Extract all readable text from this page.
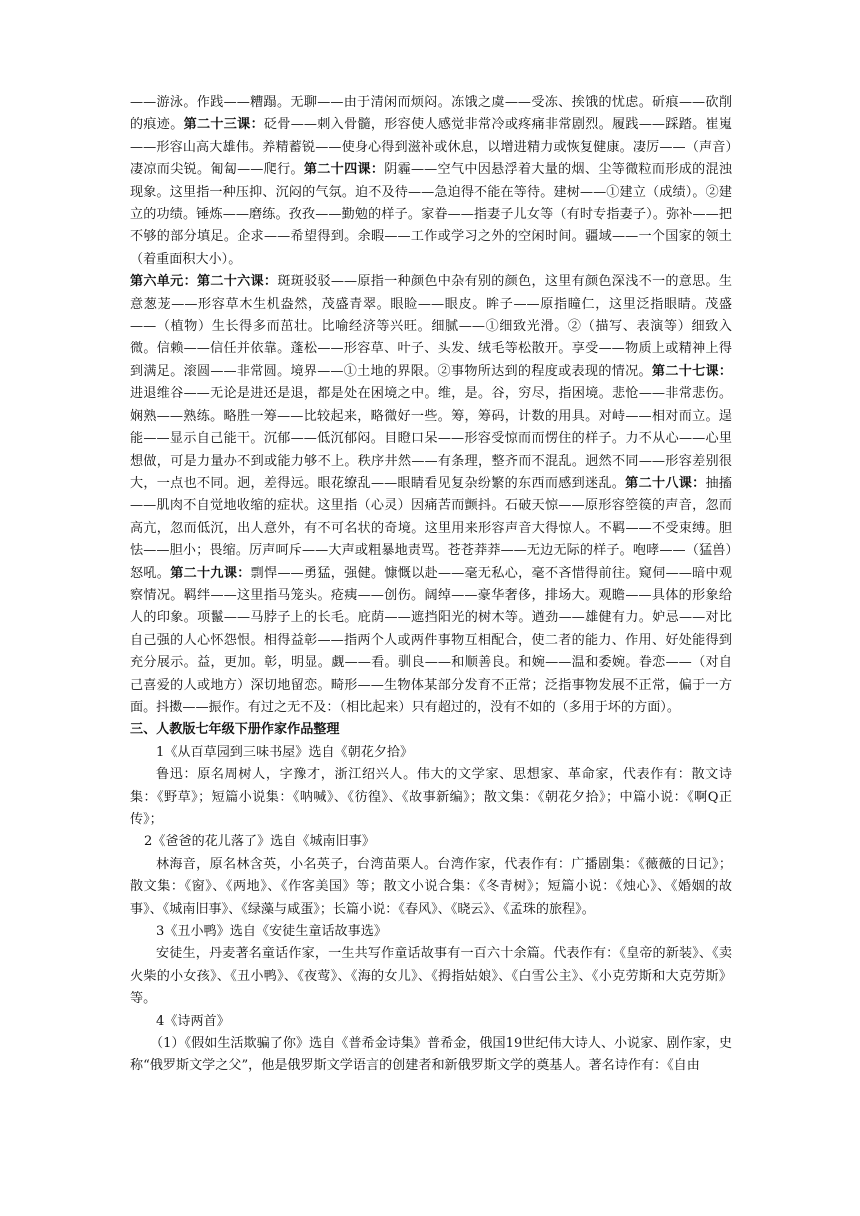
——游泳。作践——糟蹋。无聊——由于清闲而烦闷。冻饿之虞——受冻、挨饿的忧虑。斫痕——砍削的痕迹。第二十三课：砭骨——刺入骨髓，形容使人感觉非常冷或疼痛非常剧烈。履践——踩踏。崔嵬——形容山高大雄伟。养精蓄锐——使身心得到滋补或休息，以增进精力或恢复健康。凄厉——（声音）凄凉而尖锐。匍匐——爬行。第二十四课：阴霾——空气中因悬浮着大量的烟、尘等微粒而形成的混浊现象。这里指一种压抑、沉闷的气氛。迫不及待——急迫得不能在等待。建树——①建立（成绩）。②建立的功绩。锤炼——磨练。孜孜——勤勉的样子。家眷——指妻子儿女等（有时专指妻子）。弥补——把不够的部分填足。企求——希望得到。余暇——工作或学习之外的空闲时间。疆域——一个国家的领土（着重面积大小）。

第六单元：第二十六课：斑斑驳驳——原指一种颜色中杂有别的颜色，这里有颜色深浅不一的意思。生意葱茏——形容草木生机盎然，茂盛青翠。眼睑——眼皮。眸子——原指瞳仁，这里泛指眼睛。茂盛——（植物）生长得多而茁壮。比喻经济等兴旺。细腻——①细致光滑。②（描写、表演等）细致入微。信赖——信任并依靠。蓬松——形容草、叶子、头发、绒毛等松散开。享受——物质上或精神上得到满足。滚圆——非常圆。境界——①土地的界限。②事物所达到的程度或表现的情况。第二十七课：进退维谷——无论是进还是退，都是处在困境之中。维，是。谷，穷尽，指困境。悲怆——非常悲伤。娴熟——熟练。略胜一筹——比较起来，略微好一些。筹，筹码，计数的用具。对峙——相对而立。逞能——显示自己能干。沉郁——低沉郁闷。目瞪口呆——形容受惊而而愣住的样子。力不从心——心里想做，可是力量办不到或能力够不上。秩序井然——有条理，整齐而不混乱。迥然不同——形容差别很大，一点也不同。迥，差得远。眼花缭乱——眼睛看见复杂纷繁的东西而感到迷乱。第二十八课：抽搐——肌肉不自觉地收缩的症状。这里指（心灵）因痛苦而颤抖。石破天惊——原形容箜篌的声音，忽而高亢，忽而低沉，出人意外，有不可名状的奇境。这里用来形容声音大得惊人。不羁——不受束缚。胆怯——胆小；畏缩。厉声呵斥——大声或粗暴地责骂。苍苍莽莽——无边无际的样子。咆哮——（猛兽）怒吼。第二十九课：剽悍——勇猛，强健。慷慨以赴——毫无私心，毫不吝惜得前往。窥伺——暗中观察情况。羁绊——这里指马笼头。疮痍——创伤。阔绰——豪华奢侈，排场大。观瞻——具体的形象给人的印象。项鬣——马脖子上的长毛。庇荫——遮挡阳光的树木等。遒劲——雄健有力。妒忌——对比自己强的人心怀怨恨。相得益彰——指两个人或两件事物互相配合，使二者的能力、作用、好处能得到充分展示。益，更加。彰，明显。觑——看。驯良——和顺善良。和婉——温和委婉。眷恋——（对自己喜爱的人或地方）深切地留恋。畸形——生物体某部分发育不正常；泛指事物发展不正常，偏于一方面。抖擞——振作。有过之无不及：（相比起来）只有超过的，没有不如的（多用于坏的方面）。

三、人教版七年级下册作家作品整理

1《从百草园到三味书屋》选自《朝花夕拾》

鲁迅：原名周树人，字豫才，浙江绍兴人。伟大的文学家、思想家、革命家，代表作有：散文诗集：《野草》；短篇小说集：《呐喊》、《彷徨》、《故事新编》；散文集：《朝花夕拾》；中篇小说：《啊Q正传》；

2《爸爸的花儿落了》选自《城南旧事》

林海音，原名林含英，小名英子，台湾苗栗人。台湾作家，代表作有：广播剧集：《薇薇的日记》；散文集：《窗》、《两地》、《作客美国》等；散文小说合集：《冬青树》；短篇小说：《烛心》、《婚姻的故事》、《城南旧事》、《绿藻与咸蛋》；长篇小说：《春风》、《晓云》、《孟珠的旅程》。

3《丑小鸭》选自《安徒生童话故事选》

安徒生，丹麦著名童话作家，一生共写作童话故事有一百六十余篇。代表作有：《皇帝的新装》、《卖火柴的小女孩》、《丑小鸭》、《夜莺》、《海的女儿》、《拇指姑娘》、《白雪公主》、《小克劳斯和大克劳斯》等。

4《诗两首》

（1）《假如生活欺骗了你》选自《普希金诗集》普希金，俄国19世纪伟大诗人、小说家、剧作家，史称“俄罗斯文学之父”，他是俄罗斯文学语言的创建者和新俄罗斯文学的奠基人。著名诗作有：《自由
